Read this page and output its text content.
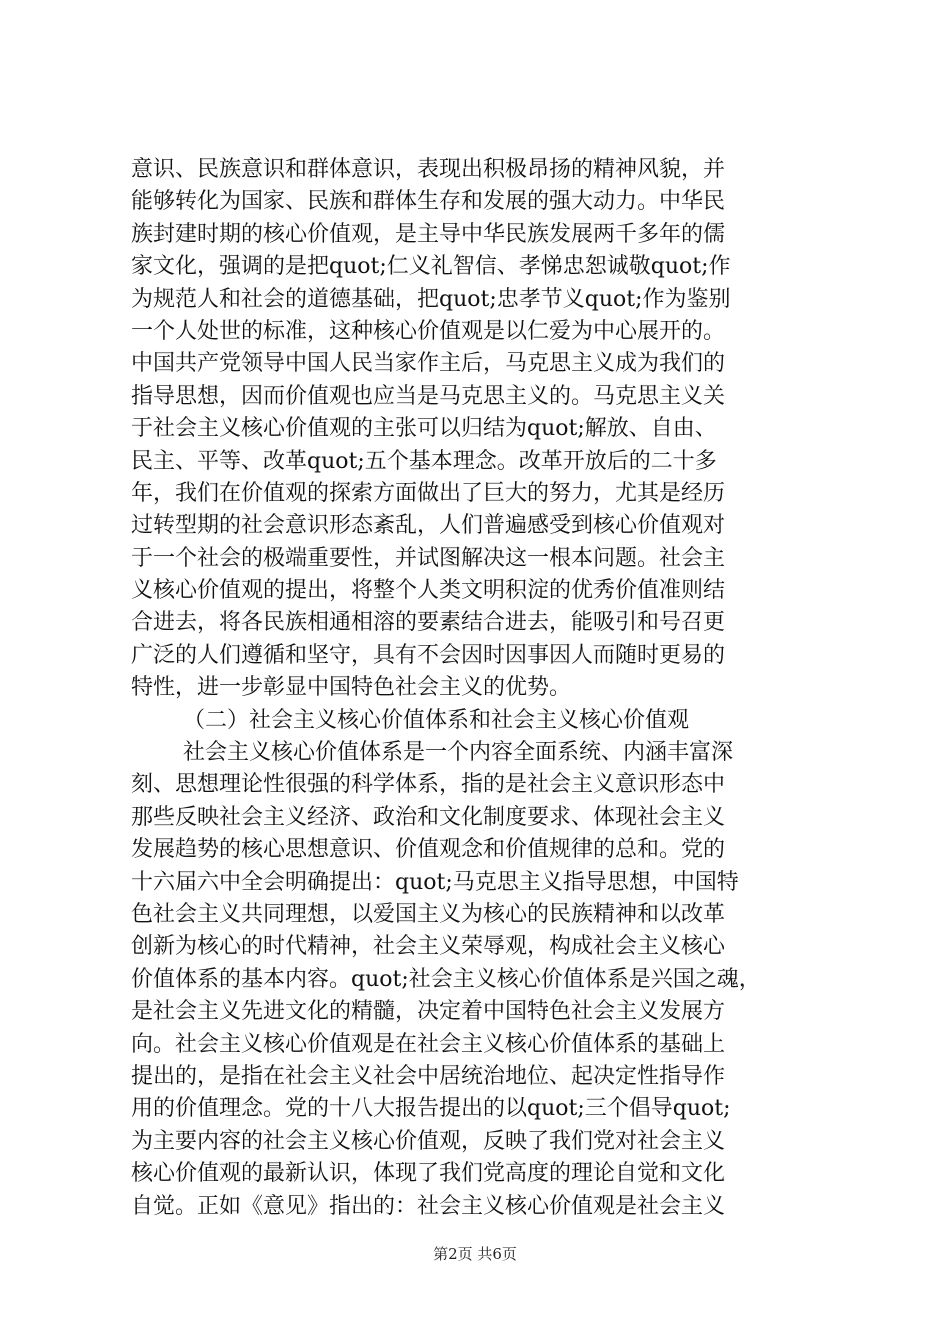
意识、民族意识和群体意识，表现出积极昂扬的精神风貌，并
能够转化为国家、民族和群体生存和发展的强大动力。中华民
族封建时期的核心价值观，是主导中华民族发展两千多年的儒
家文化，强调的是把quot;仁义礼智信、孝悌忠恕诚敬quot;作
为规范人和社会的道德基础，把quot;忠孝节义quot;作为鉴别
一个人处世的标准，这种核心价值观是以仁爱为中心展开的。
中国共产党领导中国人民当家作主后，马克思主义成为我们的
指导思想，因而价值观也应当是马克思主义的。马克思主义关
于社会主义核心价值观的主张可以归结为quot;解放、自由、
民主、平等、改革quot;五个基本理念。改革开放后的二十多
年，我们在价值观的探索方面做出了巨大的努力，尤其是经历
过转型期的社会意识形态紊乱，人们普遍感受到核心价值观对
于一个社会的极端重要性，并试图解决这一根本问题。社会主
义核心价值观的提出，将整个人类文明积淀的优秀价值准则结
合进去，将各民族相通相溶的要素结合进去，能吸引和号召更
广泛的人们遵循和坚守，具有不会因时因事因人而随时更易的
特性，进一步彰显中国特色社会主义的优势。
（二）社会主义核心价值体系和社会主义核心价值观
社会主义核心价值体系是一个内容全面系统、内涵丰富深
刻、思想理论性很强的科学体系，指的是社会主义意识形态中
那些反映社会主义经济、政治和文化制度要求、体现社会主义
发展趋势的核心思想意识、价值观念和价值规律的总和。党的
十六届六中全会明确提出：quot;马克思主义指导思想，中国特
色社会主义共同理想，以爱国主义为核心的民族精神和以改革
创新为核心的时代精神，社会主义荣辱观，构成社会主义核心
价值体系的基本内容。quot;社会主义核心价值体系是兴国之魂，
是社会主义先进文化的精髓，决定着中国特色社会主义发展方
向。社会主义核心价值观是在社会主义核心价值体系的基础上
提出的，是指在社会主义社会中居统治地位、起决定性指导作
用的价值理念。党的十八大报告提出的以quot;三个倡导quot;
为主要内容的社会主义核心价值观，反映了我们党对社会主义
核心价值观的最新认识，体现了我们党高度的理论自觉和文化
自觉。正如《意见》指出的：社会主义核心价值观是社会主义
第2页 共6页
